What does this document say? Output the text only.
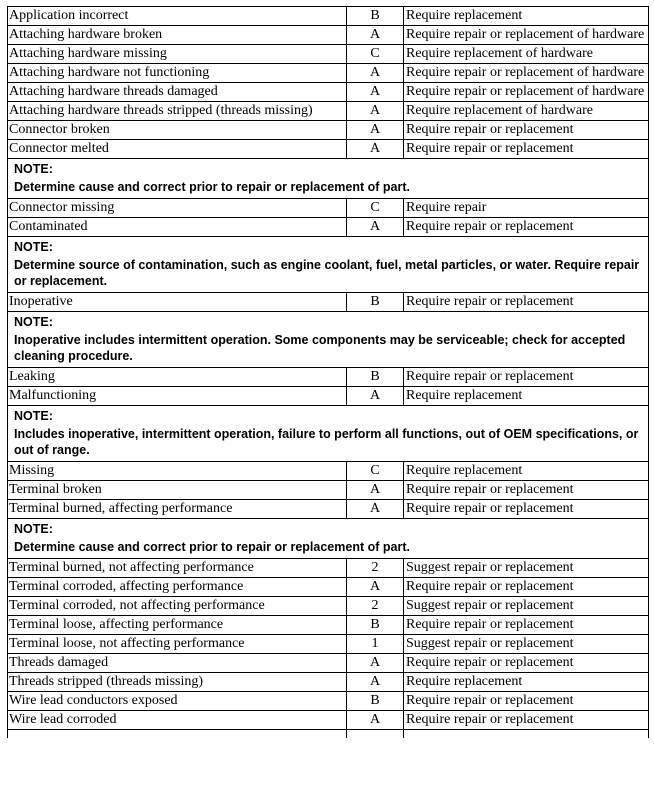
Application incorrect	B	Require replacement
Attaching hardware broken	A	Require repair or replacement of hardware
Attaching hardware missing	C	Require replacement of hardware
Attaching hardware not functioning	A	Require repair or replacement of hardware
Attaching hardware threads damaged	A	Require repair or replacement of hardware
Attaching hardware threads stripped (threads missing)	A	Require replacement of hardware
Connector broken	A	Require repair or replacement
Connector melted	A	Require repair or replacement
NOTE:
Determine cause and correct prior to repair or replacement of part.
Connector missing	C	Require repair
Contaminated	A	Require repair or replacement
NOTE:
Determine source of contamination, such as engine coolant, fuel, metal particles, or water. Require repair or replacement.
Inoperative	B	Require repair or replacement
NOTE:
Inoperative includes intermittent operation. Some components may be serviceable; check for accepted cleaning procedure.
Leaking	B	Require repair or replacement
Malfunctioning	A	Require replacement
NOTE:
Includes inoperative, intermittent operation, failure to perform all functions, out of OEM specifications, or out of range.
Missing	C	Require replacement
Terminal broken	A	Require repair or replacement
Terminal burned, affecting performance	A	Require repair or replacement
NOTE:
Determine cause and correct prior to repair or replacement of part.
Terminal burned, not affecting performance	2	Suggest repair or replacement
Terminal corroded, affecting performance	A	Require repair or replacement
Terminal corroded, not affecting performance	2	Suggest repair or replacement
Terminal loose, affecting performance	B	Require repair or replacement
Terminal loose, not affecting performance	1	Suggest repair or replacement
Threads damaged	A	Require repair or replacement
Threads stripped (threads missing)	A	Require replacement
Wire lead conductors exposed	B	Require repair or replacement
Wire lead corroded	A	Require repair or replacement
